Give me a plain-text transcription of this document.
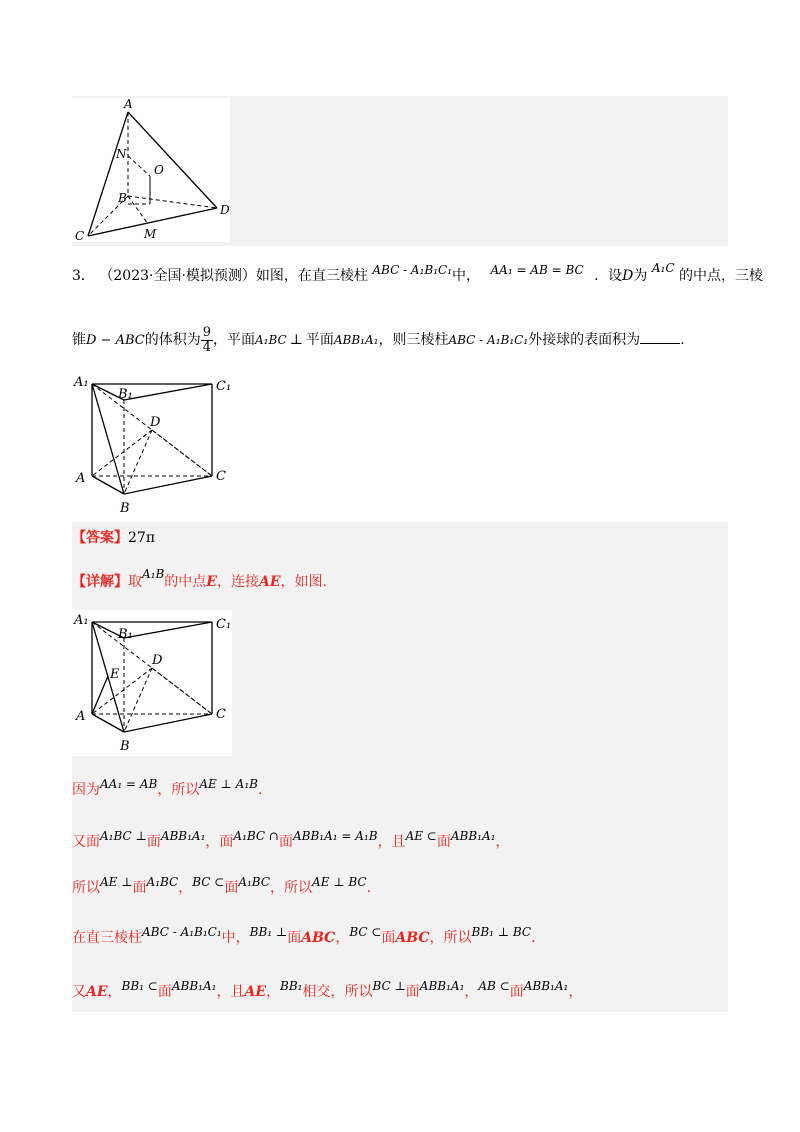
A
N
O
B
D
C	M
3． （2023·全国·模拟预测）如图，在直三棱柱 ABC - A₁B₁C₁中， AA₁ = AB = BC ．设D为 A₁C 的中点，三棱
锥D − ABC的体积为 $\frac{9}{4}$ ，平面A₁BC ⊥ 平面ABB₁A₁，则三棱柱ABC - A₁B₁C₁外接球的表面积为	.
A₁
B₁
C₁
D
A	C
B
【答案】27π
【详解】取A₁B的中点E，连接AE，如图.
A₁
B₁
C₁
D
E
A	C
B
因为AA₁ = AB，所以AE ⊥ A₁B.
又面A₁BC ⊥面ABB₁A₁，面A₁BC ∩面ABB₁A₁ = A₁B，且AE ⊂面ABB₁A₁，
所以AE ⊥面A₁BC，BC ⊂面A₁BC，所以AE ⊥ BC.
在直三棱柱ABC - A₁B₁C₁中，BB₁ ⊥面ABC，BC ⊂面ABC，所以BB₁ ⊥ BC.
又AE，BB₁ ⊂面ABB₁A₁，且AE，BB₁相交，所以BC ⊥面ABB₁A₁，AB ⊂面ABB₁A₁，
